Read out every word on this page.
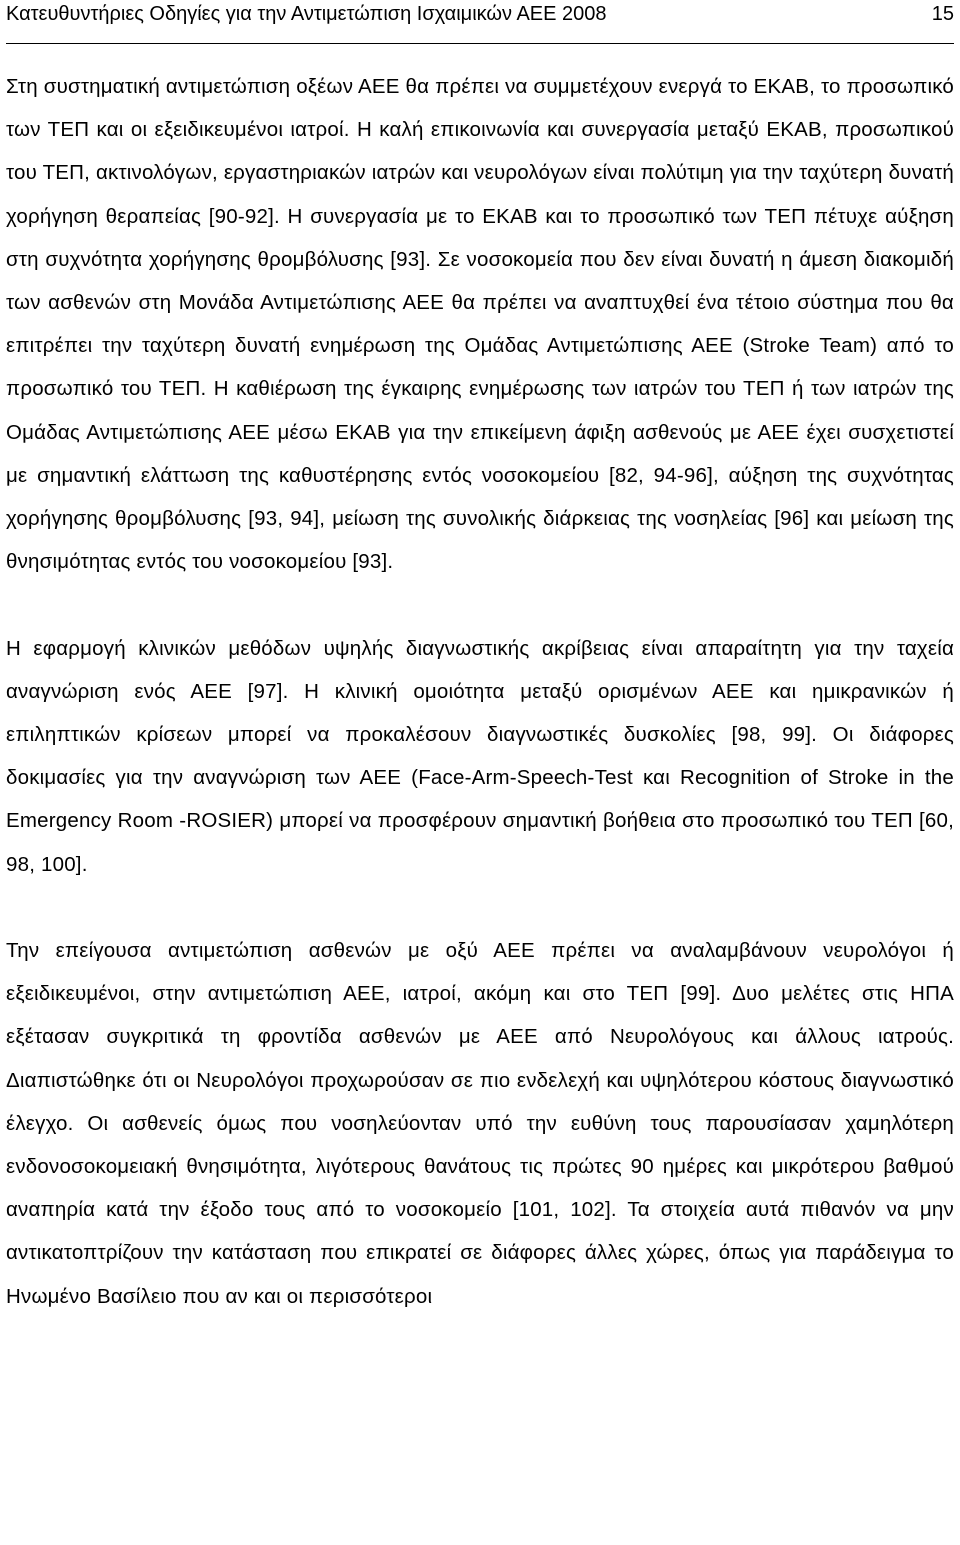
Κατευθυντήριες Οδηγίες για την Αντιμετώπιση Ισχαιμικών ΑΕΕ 2008	15

Στη συστηματική αντιμετώπιση οξέων ΑΕΕ θα πρέπει να συμμετέχουν ενεργά το ΕΚΑΒ, το προσωπικό των ΤΕΠ και οι εξειδικευμένοι ιατροί. Η καλή επικοινωνία και συνεργασία μεταξύ ΕΚΑΒ, προσωπικού του ΤΕΠ, ακτινολόγων, εργαστηριακών ιατρών και νευρολόγων είναι πολύτιμη για την ταχύτερη δυνατή χορήγηση θεραπείας [90-92]. Η συνεργασία με το ΕΚΑΒ και το προσωπικό των ΤΕΠ πέτυχε αύξηση στη συχνότητα χορήγησης θρομβόλυσης [93]. Σε νοσοκομεία που δεν είναι δυνατή η άμεση διακομιδή των ασθενών στη Μονάδα Αντιμετώπισης ΑΕΕ θα πρέπει να αναπτυχθεί ένα τέτοιο σύστημα που θα επιτρέπει την ταχύτερη δυνατή ενημέρωση της Ομάδας Αντιμετώπισης ΑΕΕ (Stroke Team) από το προσωπικό του ΤΕΠ. Η καθιέρωση της έγκαιρης ενημέρωσης των ιατρών του ΤΕΠ ή των ιατρών της Ομάδας Αντιμετώπισης ΑΕΕ μέσω ΕΚΑΒ για την επικείμενη άφιξη ασθενούς με ΑΕΕ έχει συσχετιστεί με σημαντική ελάττωση της καθυστέρησης εντός νοσοκομείου [82, 94-96], αύξηση της συχνότητας χορήγησης θρομβόλυσης [93, 94], μείωση της συνολικής διάρκειας της νοσηλείας [96] και μείωση της θνησιμότητας εντός του νοσοκομείου [93].

Η εφαρμογή κλινικών μεθόδων υψηλής διαγνωστικής ακρίβειας είναι απαραίτητη για την ταχεία αναγνώριση ενός ΑΕΕ [97]. Η κλινική ομοιότητα μεταξύ ορισμένων ΑΕΕ και ημικρανικών ή επιληπτικών κρίσεων μπορεί να προκαλέσουν διαγνωστικές δυσκολίες [98, 99]. Οι διάφορες δοκιμασίες για την αναγνώριση των ΑΕΕ (Face-Arm-Speech-Test και Recognition of Stroke in the Emergency Room -ROSIER) μπορεί να προσφέρουν σημαντική βοήθεια στο προσωπικό του ΤΕΠ [60, 98, 100].

Την επείγουσα αντιμετώπιση ασθενών με οξύ ΑΕΕ πρέπει να αναλαμβάνουν νευρολόγοι ή εξειδικευμένοι, στην αντιμετώπιση ΑΕΕ, ιατροί, ακόμη και στο ΤΕΠ [99]. Δυο μελέτες στις ΗΠΑ εξέτασαν συγκριτικά τη φροντίδα ασθενών με ΑΕΕ από Νευρολόγους και άλλους ιατρούς. Διαπιστώθηκε ότι οι Νευρολόγοι προχωρούσαν σε πιο ενδελεχή και υψηλότερου κόστους διαγνωστικό έλεγχο. Οι ασθενείς όμως που νοσηλεύονταν υπό την ευθύνη τους παρουσίασαν χαμηλότερη ενδονοσοκομειακή θνησιμότητα, λιγότερους θανάτους τις πρώτες 90 ημέρες και μικρότερου βαθμού αναπηρία κατά την έξοδο τους από το νοσοκομείο [101, 102]. Τα στοιχεία αυτά πιθανόν να μην αντικατοπτρίζουν την κατάσταση που επικρατεί σε διάφορες άλλες χώρες, όπως για παράδειγμα το Ηνωμένο Βασίλειο που αν και οι περισσότεροι
